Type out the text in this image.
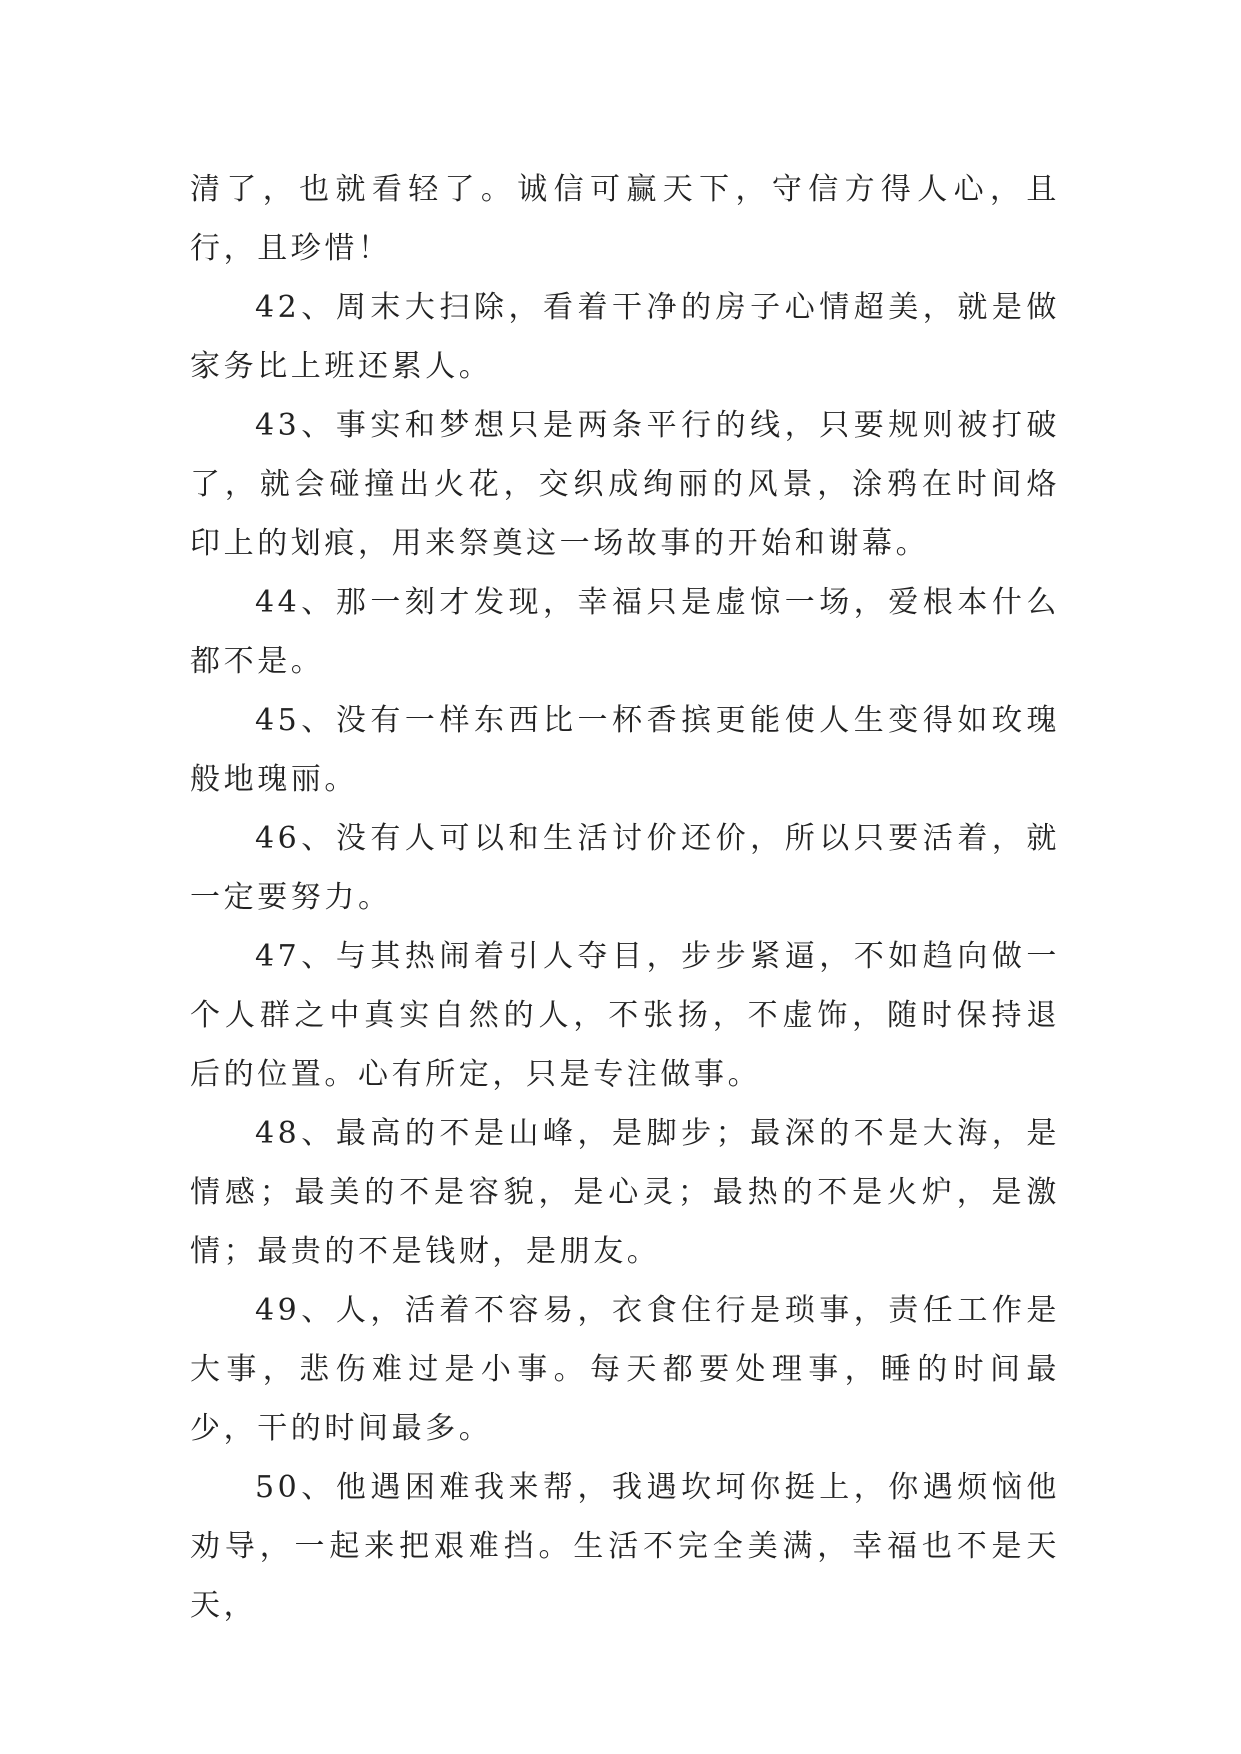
清了，也就看轻了。诚信可赢天下，守信方得人心，且行，且珍惜！

42、周末大扫除，看着干净的房子心情超美，就是做家务比上班还累人。

43、事实和梦想只是两条平行的线，只要规则被打破了，就会碰撞出火花，交织成绚丽的风景，涂鸦在时间烙印上的划痕，用来祭奠这一场故事的开始和谢幕。

44、那一刻才发现，幸福只是虚惊一场，爱根本什么都不是。

45、没有一样东西比一杯香摈更能使人生变得如玫瑰般地瑰丽。

46、没有人可以和生活讨价还价，所以只要活着，就一定要努力。

47、与其热闹着引人夺目，步步紧逼，不如趋向做一个人群之中真实自然的人，不张扬，不虚饰，随时保持退后的位置。心有所定，只是专注做事。

48、最高的不是山峰，是脚步；最深的不是大海，是情感；最美的不是容貌，是心灵；最热的不是火炉，是激情；最贵的不是钱财，是朋友。

49、人，活着不容易，衣食住行是琐事，责任工作是大事，悲伤难过是小事。每天都要处理事，睡的时间最少，干的时间最多。

50、他遇困难我来帮，我遇坎坷你挺上，你遇烦恼他劝导，一起来把艰难挡。生活不完全美满，幸福也不是天天，
